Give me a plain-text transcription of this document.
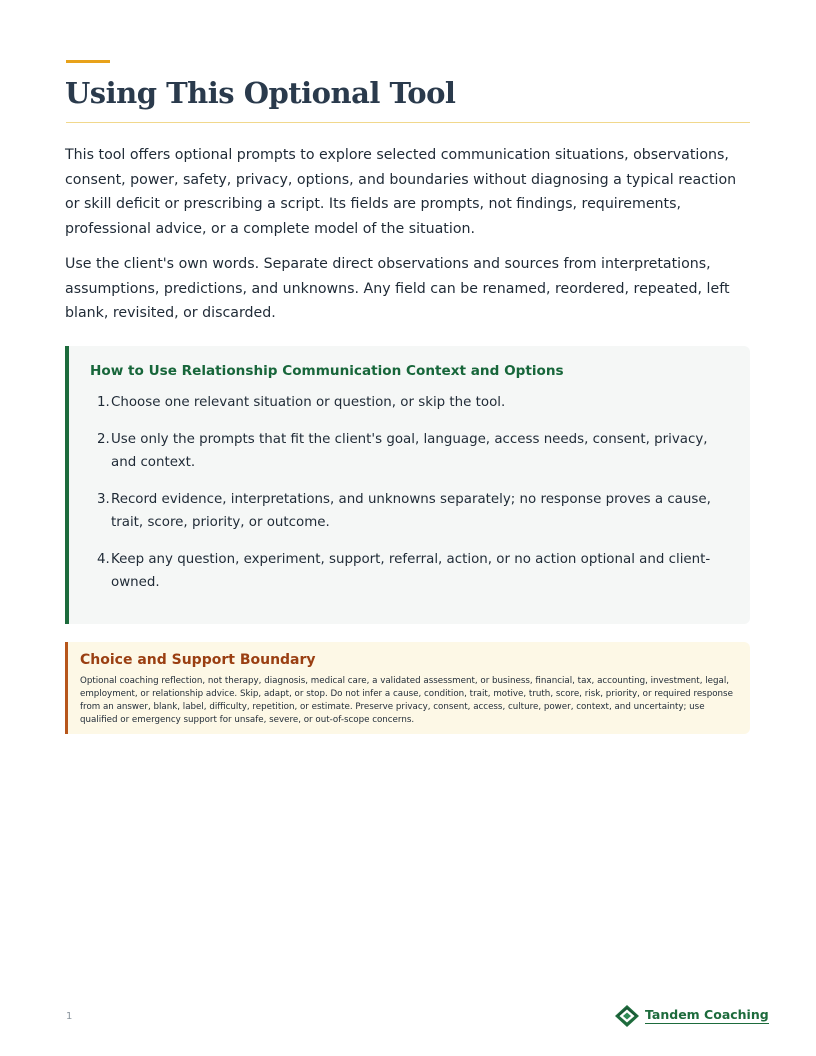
Using This Optional Tool

This tool offers optional prompts to explore selected communication situations, observations, consent, power, safety, privacy, options, and boundaries without diagnosing a typical reaction or skill deficit or prescribing a script. Its fields are prompts, not findings, requirements, professional advice, or a complete model of the situation.

Use the client's own words. Separate direct observations and sources from interpretations, assumptions, predictions, and unknowns. Any field can be renamed, reordered, repeated, left blank, revisited, or discarded.

How to Use Relationship Communication Context and Options
1. Choose one relevant situation or question, or skip the tool.
2. Use only the prompts that fit the client's goal, language, access needs, consent, privacy, and context.
3. Record evidence, interpretations, and unknowns separately; no response proves a cause, trait, score, priority, or outcome.
4. Keep any question, experiment, support, referral, action, or no action optional and client-owned.
Choice and Support Boundary

Optional coaching reflection, not therapy, diagnosis, medical care, a validated assessment, or business, financial, tax, accounting, investment, legal, employment, or relationship advice. Skip, adapt, or stop. Do not infer a cause, condition, trait, motive, truth, score, risk, priority, or required response from an answer, blank, label, difficulty, repetition, or estimate. Preserve privacy, consent, access, culture, power, context, and uncertainty; use qualified or emergency support for unsafe, severe, or out-of-scope concerns.

1	Tandem Coaching
